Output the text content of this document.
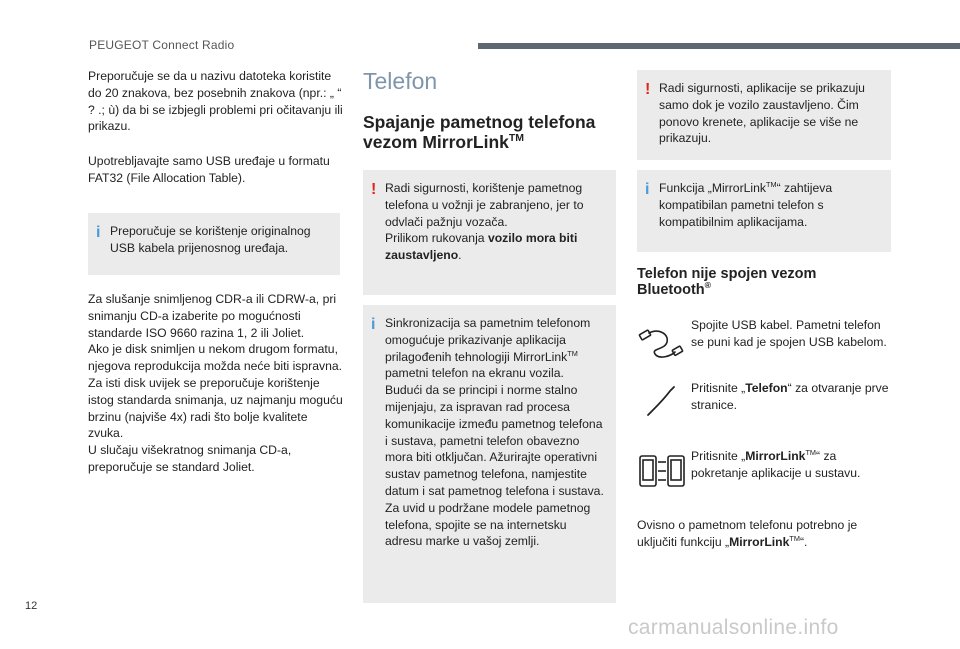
PEUGEOT Connect Radio

Preporučuje se da u nazivu datoteka koristite do 20 znakova, bez posebnih znakova (npr.: „ “ ? .; ù) da bi se izbjegli problemi pri očitavanju ili prikazu.

Upotrebljavajte samo USB uređaje u formatu FAT32 (File Allocation Table).

i Preporučuje se korištenje originalnog USB kabela prijenosnog uređaja.

Za slušanje snimljenog CDR-a ili CDRW-a, pri snimanju CD-a izaberite po mogućnosti standarde ISO 9660 razina 1, 2 ili Joliet.

Ako je disk snimljen u nekom drugom formatu, njegova reprodukcija možda neće biti ispravna.

Za isti disk uvijek se preporučuje korištenje istog standarda snimanja, uz najmanju moguću brzinu (najviše 4x) radi što bolje kvalitete zvuka.

U slučaju višekratnog snimanja CD-a, preporučuje se standard Joliet.

Telefon
Spajanje pametnog telefona vezom MirrorLink™
! Radi sigurnosti, korištenje pametnog telefona u vožnji je zabranjeno, jer to odvlači pažnju vozača.
Prilikom rukovanja vozilo mora biti zaustavljeno.
i Sinkronizacija sa pametnim telefonom omogućuje prikazivanje aplikacija prilagođenih tehnologiji MirrorLink™ pametni telefon na ekranu vozila.
Budući da se principi i norme stalno mijenjaju, za ispravan rad procesa komunikacije između pametnog telefona i sustava, pametni telefon obavezno mora biti otključan. Ažurirajte operativni sustav pametnog telefona, namjestite datum i sat pametnog telefona i sustava.
Za uvid u podržane modele pametnog telefona, spojite se na internetsku adresu marke u vašoj zemlji.
! Radi sigurnosti, aplikacije se prikazuju samo dok je vozilo zaustavljeno. Čim ponovo krenete, aplikacije se više ne prikazuju.
i Funkcija „MirrorLink™“ zahtijeva kompatibilan pametni telefon s kompatibilnim aplikacijama.
Telefon nije spojen vezom Bluetooth®
Spojite USB kabel. Pametni telefon se puni kad je spojen USB kabelom.
Pritisnite „Telefon“ za otvaranje prve stranice.
Pritisnite „MirrorLink™“ za pokretanje aplikacije u sustavu.
Ovisno o pametnom telefonu potrebno je uključiti funkciju „MirrorLink™“.
12
carmanualsonline.info
